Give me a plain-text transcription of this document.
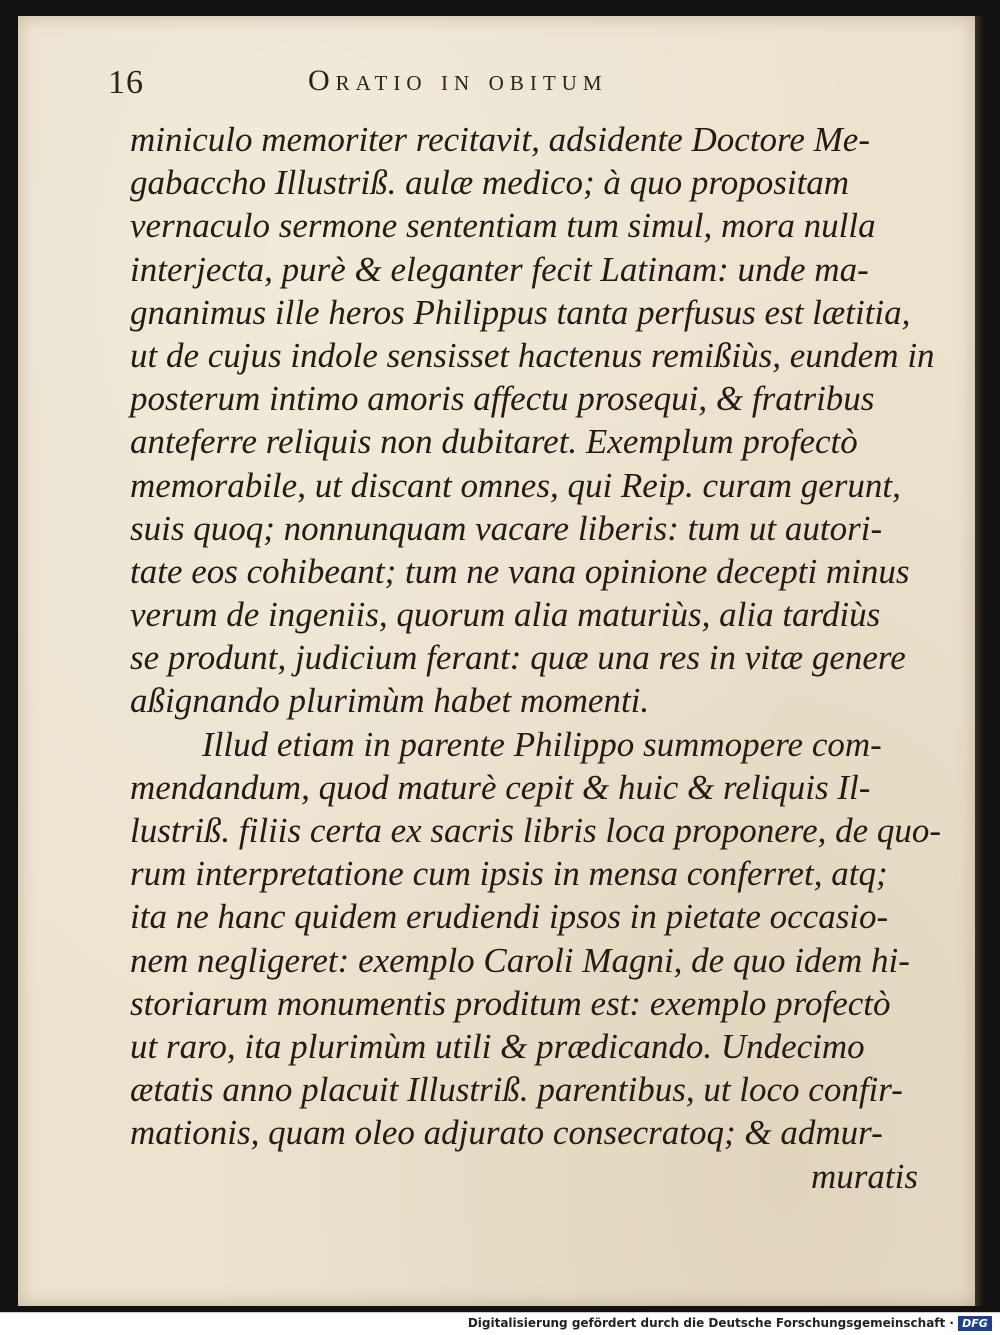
16	Oratio in obitum
miniculo memoriter recitavit, adsidente Doctore Me-
gabaccho Illustriß. aulæ medico; à quo propositam
vernaculo sermone sententiam tum simul, mora nulla
interjecta, purè & eleganter fecit Latinam: unde ma-
gnanimus ille heros Philippus tanta perfusus est lætitia,
ut de cujus indole sensisset hactenus remißiùs, eundem in
posterum intimo amoris affectu prosequi, & fratribus
anteferre reliquis non dubitaret. Exemplum profectò
memorabile, ut discant omnes, qui Reip. curam gerunt,
suis quoq; nonnunquam vacare liberis: tum ut autori-
tate eos cohibeant; tum ne vana opinione decepti minus
verum de ingeniis, quorum alia maturiùs, alia tardiùs
se produnt, judicium ferant: quæ una res in vitæ genere
aßignando plurimùm habet momenti.
Illud etiam in parente Philippo summopere com-
mendandum, quod maturè cepit & huic & reliquis Il-
lustriß. filiis certa ex sacris libris loca proponere, de quo-
rum interpretatione cum ipsis in mensa conferret, atq;
ita ne hanc quidem erudiendi ipsos in pietate occasio-
nem negligeret: exemplo Caroli Magni, de quo idem hi-
storiarum monumentis proditum est: exemplo profectò
ut raro, ita plurimùm utili & prædicando. Undecimo
ætatis anno placuit Illustriß. parentibus, ut loco confir-
mationis, quam oleo adjurato consecratoq; & admur-
muratis
Digitalisierung gefördert durch die Deutsche Forschungsgemeinschaft · DFG
